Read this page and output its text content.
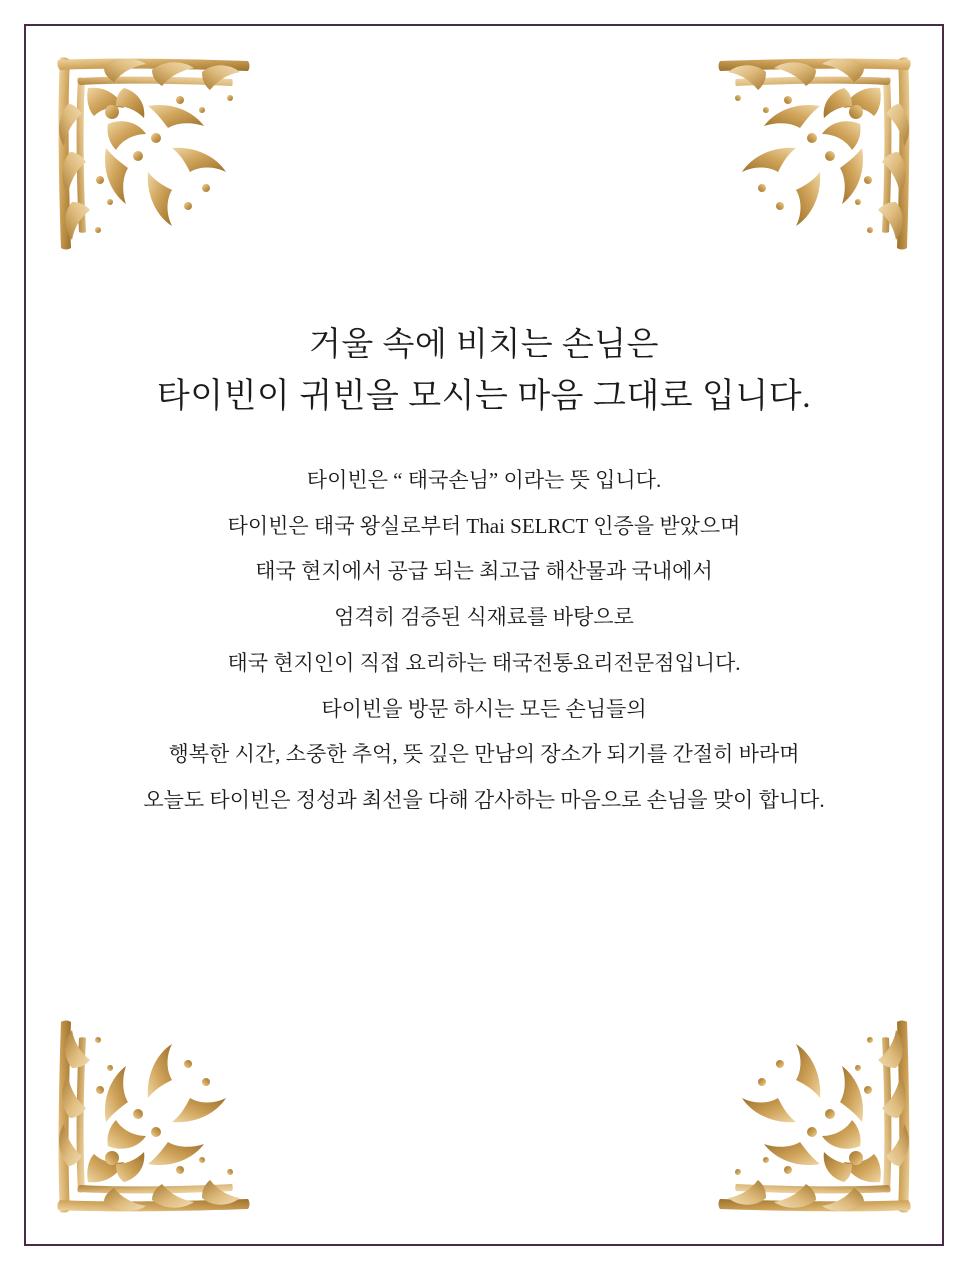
거울 속에 비치는 손님은
타이빈이 귀빈을 모시는 마음 그대로 입니다.

타이빈은 “ 태국손님” 이라는 뜻 입니다.

타이빈은 태국 왕실로부터 Thai SELRCT 인증을 받았으며

태국 현지에서 공급 되는 최고급 해산물과 국내에서

엄격히 검증된 식재료를 바탕으로

태국 현지인이 직접 요리하는 태국전통요리전문점입니다.

타이빈을 방문 하시는 모든 손님들의

행복한 시간, 소중한 추억, 뜻 깊은 만남의 장소가 되기를 간절히 바라며

오늘도 타이빈은 정성과 최선을 다해 감사하는 마음으로 손님을 맞이 합니다.
